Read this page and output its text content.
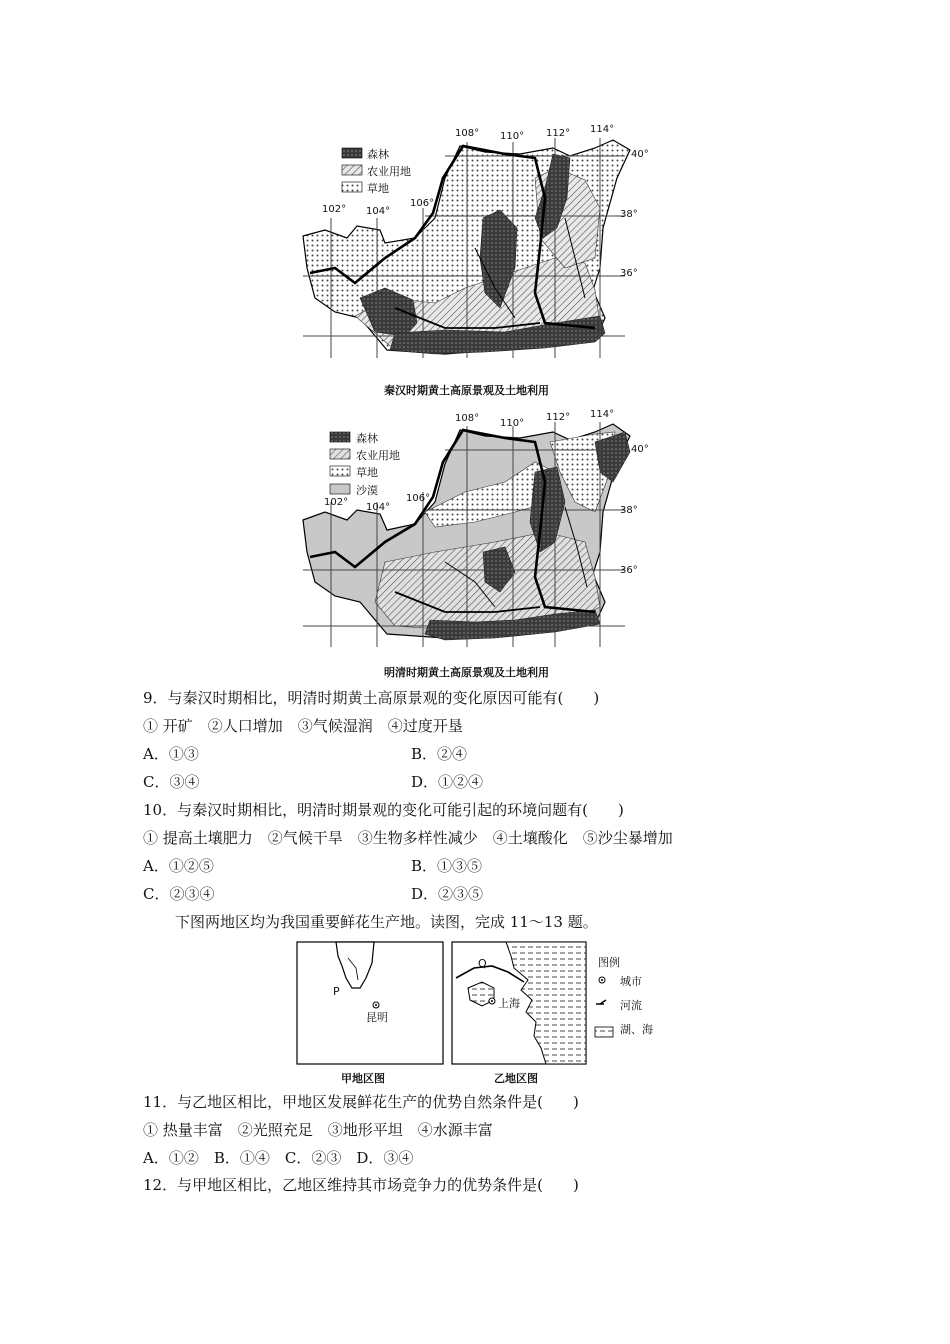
森林
农业用地
草地
102° 104°
106°
108° 110° 112° 114°
40°
38°
36°
秦汉时期黄土高原景观及土地利用
森林
农业用地
草地
沙漠
102° 104°
106°
108° 110°
112° 114°
40°
38°
36°
明清时期黄土高原景观及土地利用
9．与秦汉时期相比，明清时期黄土高原景观的变化原因可能有(　　)
① 开矿　②人口增加　③气候湿润　④过度开垦
A．①③	B．②④
C．③④	D．①②④
10．与秦汉时期相比，明清时期景观的变化可能引起的环境问题有(　　)
① 提高土壤肥力　②气候干旱　③生物多样性减少　④土壤酸化　⑤沙尘暴增加
A．①②⑤	B．①③⑤
C．②③④	D．②③⑤
下图两地区均为我国重要鲜花生产地。读图，完成 11～13 题。
P
Q
昆明
上海
图例
城市
河流
湖、海
甲地区图	乙地区图
11．与乙地区相比，甲地区发展鲜花生产的优势自然条件是(　　)
① 热量丰富　②光照充足　③地形平坦　④水源丰富
A．①②　B．①④　C．②③　D．③④
12．与甲地区相比，乙地区维持其市场竞争力的优势条件是(　　)
